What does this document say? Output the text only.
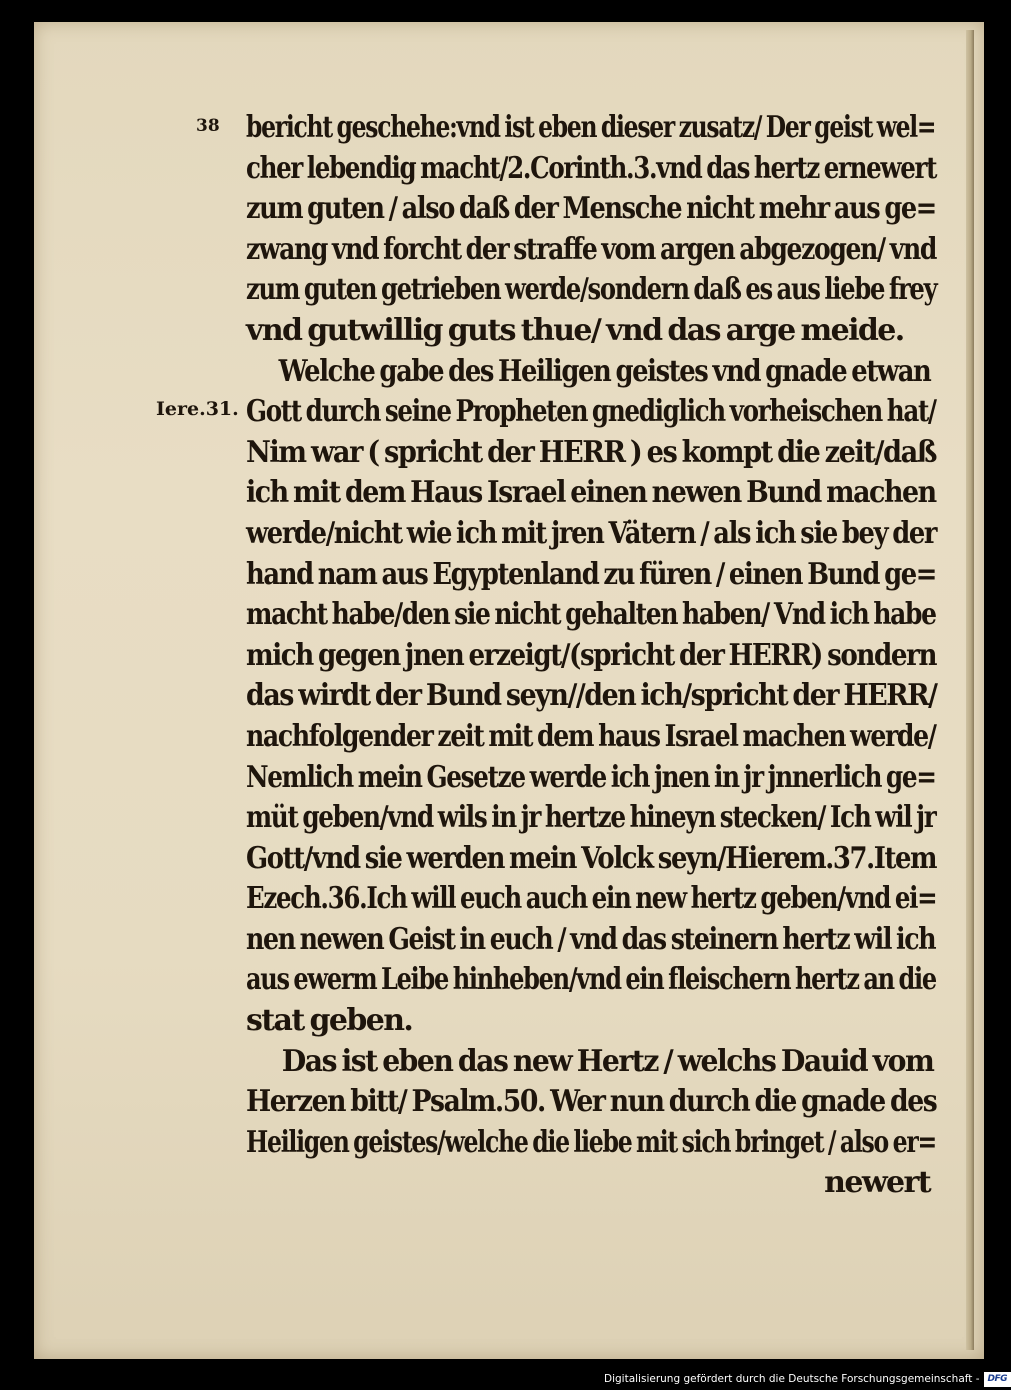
38

Iere.31.

bericht geschehe:vnd ist eben dieser zusatz/ Der geist wel=

cher lebendig macht/2.Corinth.3.vnd das hertz ernewert

zum guten / also daß der Mensche nicht mehr aus ge=

zwang vnd forcht der straffe vom argen abgezogen/ vnd

zum guten getrieben werde/sondern daß es aus liebe frey

vnd gutwillig guts thue/ vnd das arge meide.

Welche gabe des Heiligen geistes vnd gnade etwan

Gott durch seine Propheten gnediglich vorheischen hat/

Nim war ( spricht der HERR ) es kompt die zeit/daß

ich mit dem Haus Israel einen newen Bund machen

werde/nicht wie ich mit jren Vätern / als ich sie bey der

hand nam aus Egyptenland zu füren / einen Bund ge=

macht habe/den sie nicht gehalten haben/ Vnd ich habe

mich gegen jnen erzeigt/(spricht der HERR) sondern

das wirdt der Bund seyn//den ich/spricht der HERR/

nachfolgender zeit mit dem haus Israel machen werde/

Nemlich mein Gesetze werde ich jnen in jr jnnerlich ge=

müt geben/vnd wils in jr hertze hineyn stecken/ Ich wil jr

Gott/vnd sie werden mein Volck seyn/Hierem.37.Item

Ezech.36.Ich will euch auch ein new hertz geben/vnd ei=

nen newen Geist in euch / vnd das steinern hertz wil ich

aus ewerm Leibe hinheben/vnd ein fleischern hertz an die

stat geben.

Das ist eben das new Hertz / welchs Dauid vom

Herzen bitt/ Psalm.50. Wer nun durch die gnade des

Heiligen geistes/welche die liebe mit sich bringet / also er=

newert

Digitalisierung gefördert durch die Deutsche Forschungsgemeinschaft - DFG
